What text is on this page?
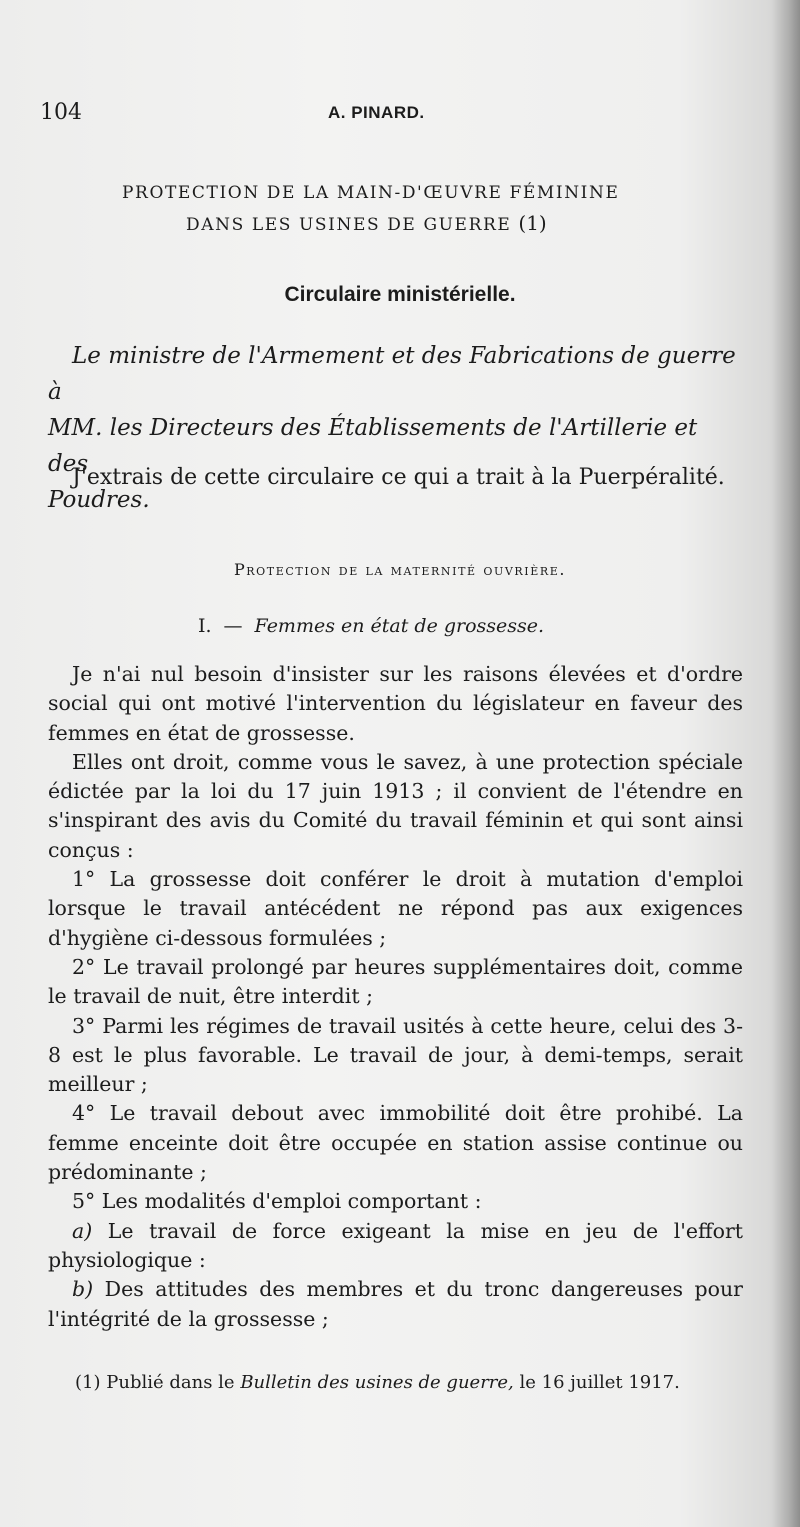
104	A. PINARD.
PROTECTION DE LA MAIN-D'ŒUVRE FÉMININE
DANS LES USINES DE GUERRE (1)
Circulaire ministérielle.
Le ministre de l'Armement et des Fabrications de guerre à
MM. les Directeurs des Établissements de l'Artillerie et des
Poudres.

J'extrais de cette circulaire ce qui a trait à la Puerpéralité.

Protection de la maternité ouvrière.
I. — Femmes en état de grossesse.

Je n'ai nul besoin d'insister sur les raisons élevées et d'ordre social qui ont motivé l'intervention du législateur en faveur des femmes en état de grossesse.

Elles ont droit, comme vous le savez, à une protection spéciale édictée par la loi du 17 juin 1913 ; il convient de l'étendre en s'inspirant des avis du Comité du travail féminin et qui sont ainsi conçus :

1° La grossesse doit conférer le droit à mutation d'emploi lorsque le travail antécédent ne répond pas aux exigences d'hygiène ci-dessous formulées ;

2° Le travail prolongé par heures supplémentaires doit, comme le travail de nuit, être interdit ;

3° Parmi les régimes de travail usités à cette heure, celui des 3-8 est le plus favorable. Le travail de jour, à demi-temps, serait meilleur ;

4° Le travail debout avec immobilité doit être prohibé. La femme enceinte doit être occupée en station assise continue ou prédominante ;

5° Les modalités d'emploi comportant :

a) Le travail de force exigeant la mise en jeu de l'effort physiologique :

b) Des attitudes des membres et du tronc dangereuses pour l'intégrité de la grossesse ;

(1) Publié dans le Bulletin des usines de guerre, le 16 juillet 1917.
